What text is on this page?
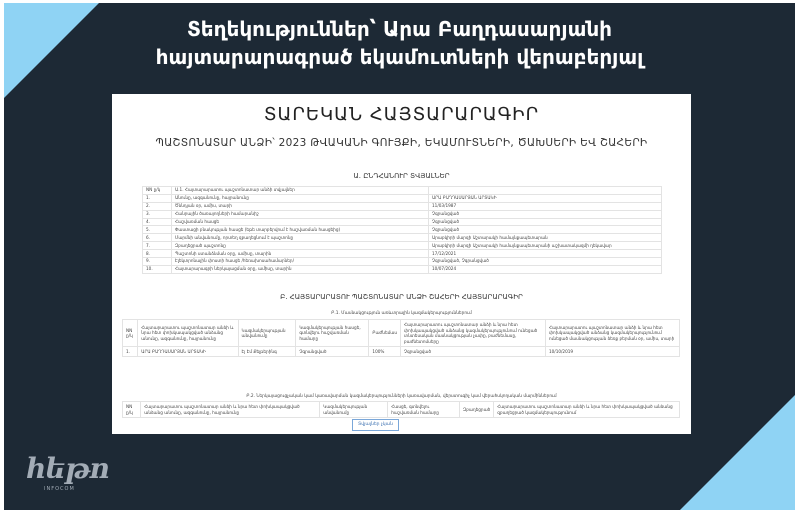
Տեղեկություններ՝ Արա Բաղդասարյանի
հայտարարագրած եկամուտների վերաբերյալ
ՏԱՐԵԿԱՆ ՀԱՅՏԱՐԱՐԱԳԻՐ
ՊԱՇՏՈՆԱՏԱՐ ԱՆՁԻ՝ 2023 ԹՎԱԿԱՆԻ ԳՈՒՅՔԻ, ԵԿԱՄՈՒՏՆԵՐԻ, ԾԱԽՍԵՐԻ ԵՎ ՇԱՀԵՐԻ
Ա. ԸՆԴՀԱՆՈՒՐ ՏՎՅԱԼՆԵՐ
NN ը/կ	Ա.1. Հայտարարատու պաշտոնատար անձի տվյալներ	
1.	Անունը, ազգանունը, հայրանունը	ԱՐԱ ԲԱՂԴԱՍԱՐՅԱՆ ԱՐՏԱԿԻ
2.	Ծննդյան օր, ամիս, տարի	11/03/1987
3.	Հանրային ծառայողների համարանիշ	Չգրանցված
4.	Հաշվառման հասցե	Չգրանցված
5.	Փաստացի բնակության հասցե (եթե տարբերվում է հաշվառման հասցեից)	Չգրանցված
6.	Մարմնի անվանումը, որտեղ զբաղեցնում է պաշտոնը	Արաբկիրի մարզի Աշտարակի համայնքապետարան
7.	Զբաղեցրած պաշտոնը	Արաբկիրի մարզի Աշտարակի համայնքապետարանի աշխատակազմի ղեկավար
8.	Պաշտոնի ստանձնման օրը, ամիսը, տարին	17/12/2021
9.	Էլեկտրոնային փոստի հասցե /հեռախոսահամարներ/	Չգրանցված, Չգրանցված
10.	Հայտարարագրի ներկայացման օրը, ամիսը, տարին	10/07/2024
Բ. ՀԱՅՏԱՐԱՐԱՏՈՒ ՊԱՇՏՈՆԱՏԱՐ ԱՆՁԻ ՇԱՀԵՐԻ ՀԱՅՏԱՐԱՐԱԳԻՐ
Բ.1. Մասնակցություն առևտրային կազմակերպություններում
NN ը/կ	Հայտարարատու պաշտոնատար անձի և նրա հետ փոխկապակցված անձանց անունը, ազգանունը, հայրանունը	Կազմակերպության անվանումը	Կազմակերպության հասցե, գտնվելու հաշվառման համարը	Բաժնեմաս	Հայտարարատու պաշտոնատար անձի և նրա հետ փոխկապակցված անձանց կազմակերպությունում ունեցած տնտեսական մասնակցության չափը, բաժնեմասը, բաժնետոմսերը	Հայտարարատու պաշտոնատար անձի և նրա հետ փոխկապակցված անձանց կազմակերպությունում ունեցած մասնակցության ձեռք բերման օր, ամիս, տարի
1.	ԱՐԱ ԲԱՂԴԱՍԱՐՅԱՆ ԱՐՏԱԿԻ	Էյ Էմ Քեյթերինգ	Չգրանցված	100%	Չգրանցված	10/10/2019
Բ.2. Ներկայացուցչական կամ կառավարման կազմակերպությունների կառավարման, վերստուգիչ կամ վերահսկողական մարմիններում
NN ը/կ	Հայտարարատու պաշտոնատար անձի և նրա հետ փոխկապակցված անձանց անունը, ազգանունը, հայրանունը	Կազմակերպության անվանումը	Հասցե, գտնվելու հաշվառման համարը	Զբաղեցրած	Հայտարարատու պաշտոնատար անձի և նրա հետ փոխկապակցված անձանց զբաղեցրած կազմակերպությունում
Տվյալներ չկան
hեթո
INFOCOM
